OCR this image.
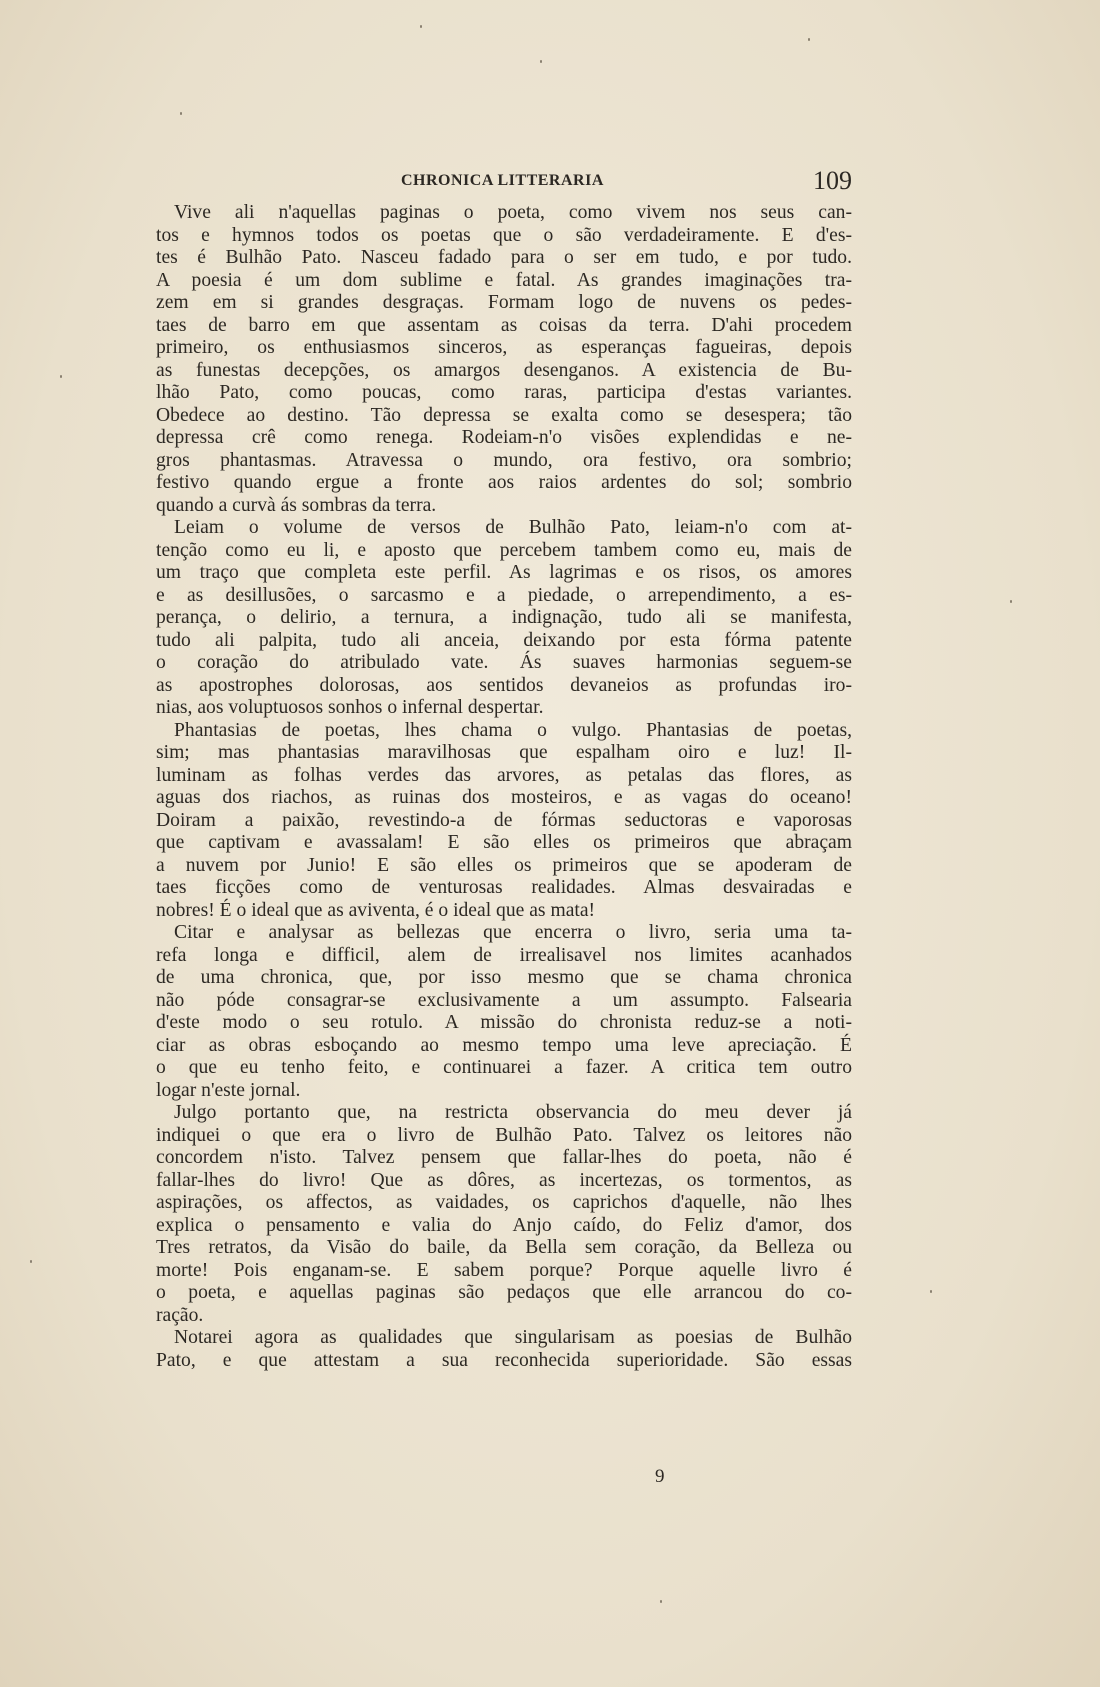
CHRONICA LITTERARIA	109
Vive ali n'aquellas paginas o poeta, como vivem nos seus can-
tos e hymnos todos os poetas que o são verdadeiramente. E d'es-
tes é Bulhão Pato. Nasceu fadado para o ser em tudo, e por tudo.
A poesia é um dom sublime e fatal. As grandes imaginações tra-
zem em si grandes desgraças. Formam logo de nuvens os pedes-
taes de barro em que assentam as coisas da terra. D'ahi procedem
primeiro, os enthusiasmos sinceros, as esperanças fagueiras, depois
as funestas decepções, os amargos desenganos. A existencia de Bu-
lhão Pato, como poucas, como raras, participa d'estas variantes.
Obedece ao destino. Tão depressa se exalta como se desespera; tão
depressa crê como renega. Rodeiam-n'o visões explendidas e ne-
gros phantasmas. Atravessa o mundo, ora festivo, ora sombrio;
festivo quando ergue a fronte aos raios ardentes do sol; sombrio
quando a curvà ás sombras da terra.
Leiam o volume de versos de Bulhão Pato, leiam-n'o com at-
tenção como eu li, e aposto que percebem tambem como eu, mais de
um traço que completa este perfil. As lagrimas e os risos, os amores
e as desillusões, o sarcasmo e a piedade, o arrependimento, a es-
perança, o delirio, a ternura, a indignação, tudo ali se manifesta,
tudo ali palpita, tudo ali anceia, deixando por esta fórma patente
o coração do atribulado vate. Ás suaves harmonias seguem-se
as apostrophes dolorosas, aos sentidos devaneios as profundas iro-
nias, aos voluptuosos sonhos o infernal despertar.
Phantasias de poetas, lhes chama o vulgo. Phantasias de poetas,
sim; mas phantasias maravilhosas que espalham oiro e luz! Il-
luminam as folhas verdes das arvores, as petalas das flores, as
aguas dos riachos, as ruinas dos mosteiros, e as vagas do oceano!
Doiram a paixão, revestindo-a de fórmas seductoras e vaporosas
que captivam e avassalam! E são elles os primeiros que abraçam
a nuvem por Junio! E são elles os primeiros que se apoderam de
taes ficções como de venturosas realidades. Almas desvairadas e
nobres! É o ideal que as aviventa, é o ideal que as mata!
Citar e analysar as bellezas que encerra o livro, seria uma ta-
refa longa e difficil, alem de irrealisavel nos limites acanhados
de uma chronica, que, por isso mesmo que se chama chronica
não póde consagrar-se exclusivamente a um assumpto. Falsearia
d'este modo o seu rotulo. A missão do chronista reduz-se a noti-
ciar as obras esboçando ao mesmo tempo uma leve apreciação. É
o que eu tenho feito, e continuarei a fazer. A critica tem outro
logar n'este jornal.
Julgo portanto que, na restricta observancia do meu dever já
indiquei o que era o livro de Bulhão Pato. Talvez os leitores não
concordem n'isto. Talvez pensem que fallar-lhes do poeta, não é
fallar-lhes do livro! Que as dôres, as incertezas, os tormentos, as
aspirações, os affectos, as vaidades, os caprichos d'aquelle, não lhes
explica o pensamento e valia do Anjo caído, do Feliz d'amor, dos
Tres retratos, da Visão do baile, da Bella sem coração, da Belleza ou
morte! Pois enganam-se. E sabem porque? Porque aquelle livro é
o poeta, e aquellas paginas são pedaços que elle arrancou do co-
ração.
Notarei agora as qualidades que singularisam as poesias de Bulhão
Pato, e que attestam a sua reconhecida superioridade. São essas
9
